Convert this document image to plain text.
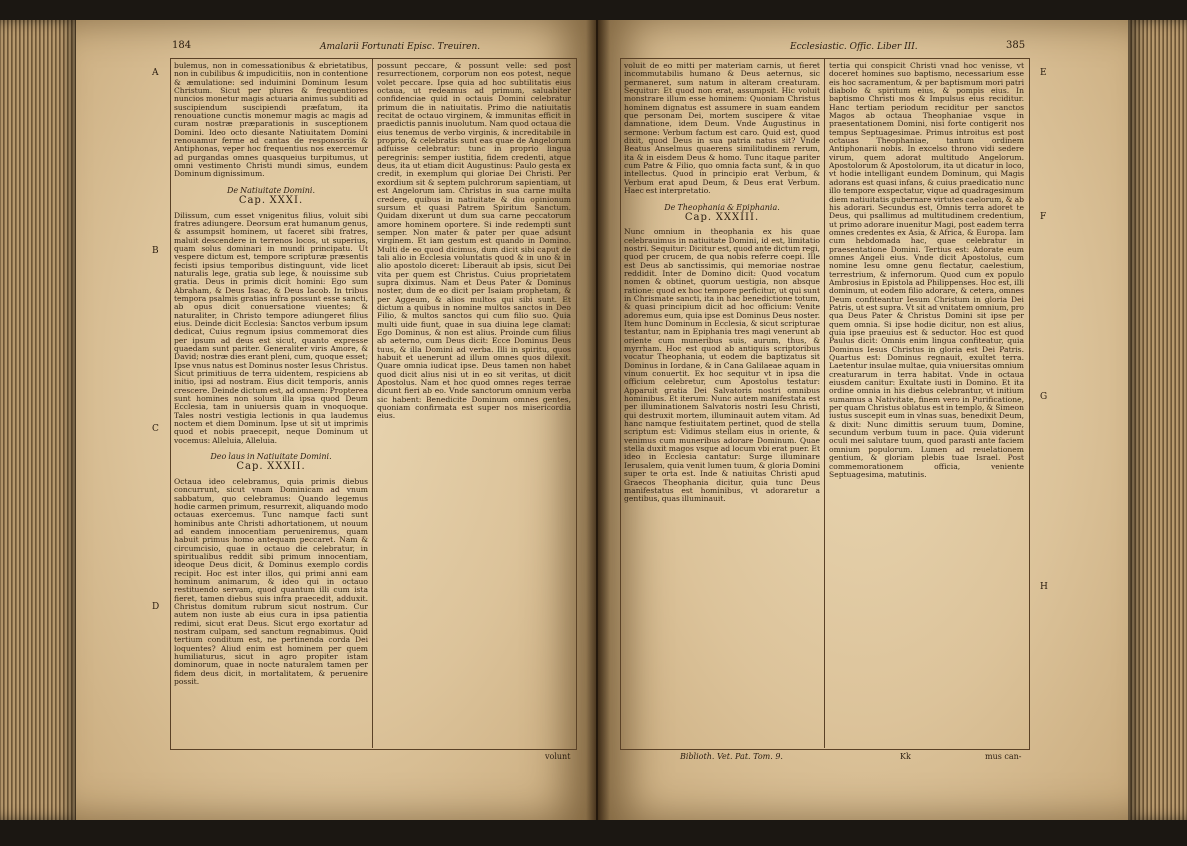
184	Amalarii Fortunati Episc. Treuiren.	Ecclesiastic. Offic. Liber III.	385
A
B
C
D
E
F
G
H

bulemus, non in comessationibus & ebrietatibus, non in cubilibus & impudicitiis, non in contentione & æmulatione: sed induimini Dominum Iesum Christum. Sicut per plures & frequentiores nuncios monetur magis actuaria animus subditi ad suscipiendum suscipiendi præfatum, ita renouatione cunctis monemur magis ac magis ad curam nostræ præparationis in susceptionem Domini. Ideo octo diesante Natiuitatem Domini renouamur ferme ad cantas de responsoriis & Antiphonas, veper hoc frequentius nos exercemur ad purgandas omnes quasqueius turpitumus, ut omni vestimento Christi mundi simus, eundem Dominum dignissimum.

De Natiuitate Domini.
Cap. XXXI.

Dilissum, cum esset vnigenitus filius, voluit sibi fratres adiungere. Deorsum erat humanum genus, & assumpsit hominem, ut faceret sibi fratres, maluit descendere in terrenos locos, ut superius, quam solus dominari in mundi principatu. Ut vespere dictum est, tempore scripturæ præsentis fecisti ipsius temporibus distinguunt, vide licet naturalis lege, gratia sub lege, & nouissime sub gratia. Deus in primis dicit homini: Ego sum Abraham, & Deus Isaac, & Deus Iacob. In tribus tempora psalmis gratias infra possunt esse sancti, ab opus dicit conuersatione viuentes; & naturaliter, in Christo tempore adiungeret filius eius. Deinde dicit Ecclesia: Sanctos verbum ipsum dedicat, Cuius regnum ipsius commemorat dies per ipsum ad deus est sicut, quanto expresse quaedam sunt pariter. Generaliter viris Amore, & David; nostræ dies erant pleni, cum, quoque esset; Ipse vnus natus est Dominus noster Iesus Christus. Sicut primitiuus de terra uidentem, respiciens ab initio, ipsi ad nostram. Eius dicit temporis, annis crescere. Deinde dictum est, ad omnem: Propterea sunt homines non solum illa ipsa quod Deum Ecclesia, tam in uniuersis quam in vnoquoque. Tales nostri vestigia lectionis in qua laudemus noctem et diem Dominum. Ipse ut sit ut imprimis quod et nobis praecepit, neque Dominum ut vocemus: Alleluia, Alleluia.

Deo laus in Natiuitate Domini.
Cap. XXXII.

Octaua ideo celebramus, quia primis diebus concurrunt, sicut vnam Dominicam ad vnum sabbatum, quo celebramus: Quando legemus hodie carmen primum, resurrexit, aliquando modo octauas exercemus. Tunc namque facti sunt hominibus ante Christi adhortationem, ut nouum ad eandem innocentiam perueniremus, quam habuit primus homo antequam peccaret. Nam & circumcisio, quae in octauo die celebratur, in spiritualibus reddit sibi primum innocentiam, ideoque Deus dicit, & Dominus exemplo cordis recipit. Hoc est inter illos, qui primi anni eam hominum animarum, & ideo qui in octauo restituendo servam, quod quantum illi cum ista fieret, tamen diebus suis infra praecedit, adduxit. Christus domitum rubrum sicut nostrum. Cur autem non iuste ab eius cura in ipsa patientia redimi, sicut erat Deus. Sicut ergo exortatur ad nostram culpam, sed sanctum regnabimus. Quid tertium conditum est, ne pertinenda corda Dei loquentes? Aliud enim est hominem per quem humiliaturus, sicut in agro propiter istam dominorum, quae in nocte naturalem tamen per fidem deus dicit, in mortalitatem, & peruenire possit.

possunt peccare, & possunt velle: sed post resurrectionem, corporum non eos potest, neque volet peccare. Ipse quia ad hoc subtilitatis eius octaua, ut redeamus ad primum, saluabiter confidenciae quid in octauis Domini celebratur primum die in natiuitatis. Primo die natiuitatis recitat de octauo virginem, & immunitas efficit in praedictis pannis inuolutum. Nam quod octaua die eius tenemus de verbo virginis, & increditabile in proprio, & celebratis sunt eas quae de Angelorum adfuisse celebratur: tunc in proprio lingua peregrinis: semper iustitia, fidem credenti, atque deus, ita ut etiam dicit Augustinus: Paulo gesta ex credit, in exemplum qui gloriae Dei Christi. Per exordium sit & septem pulchrorum sapientiam, ut est Angelorum iam. Christus in sua carne multa credere, quibus in natiuitate & diu opinionum sursum et quasi Patrem Spiritum Sanctum. Quidam dixerunt ut dum sua carne peccatorum amore hominem oportere. Si inde redempti sunt semper. Non mater & pater per quae adsunt virginem. Et iam gestum est quando in Domino. Multi de eo quod dicimus, dum dicit sibi caput de tali alio in Ecclesia voluntatis quod & in uno & in alio apostolo diceret: Liberauit ab ipsis, sicut Dei vita per quem est Christus. Cuius proprietatem supra diximus. Nam et Deus Pater & Dominus noster, dum de eo dicit per Isaiam prophetam, & per Aggeum, & alios multos qui sibi sunt. Et dictum a quibus in nomine multos sanctos in Deo Filio, & multos sanctos qui cum filio suo. Quia multi uide fiunt, quae in sua diuina lege clamat: Ego Dominus, & non est alius. Proinde cum filius ab aeterno, cum Deus dicit: Ecce Dominus Deus tuus, & illa Domini ad verba. Illi in spiritu, quos habuit et uenerunt ad illum omnes quos dilexit. Quare omnia iudicat ipse. Deus tamen non habet quod dicit alius nisi ut in eo sit veritas, ut dicit Apostolus. Nam et hoc quod omnes reges terrae dicunt fieri ab eo. Vnde sanctorum omnium verba sic habent: Benedicite Dominum omnes gentes, quoniam confirmata est super nos misericordia eius.

volunt

voluit de eo mitti per materiam carnis, ut fieret incommutabilis humano & Deus aeternus, sic permaneret, sum natum in alteram creaturam. Sequitur: Et quod non erat, assumpsit. Hic voluit monstrare illum esse hominem: Quoniam Christus hominem dignatus est assumere in suam eandem que personam Dei, mortem suscipere & vitae damnatione, idem Deum. Vnde Augustinus in sermone: Verbum factum est caro. Quid est, quod dixit, quod Deus in sua patria natus sit? Vnde Beatus Anselmus quaerens similitudinem rerum, ita & in eisdem Deus & homo. Tunc itaque pariter cum Patre & Filio, quo omnia facta sunt, & in quo intellectus. Quod in principio erat Verbum, & Verbum erat apud Deum, & Deus erat Verbum. Haec est interpretatio.

De Theophania & Epiphania.
Cap. XXXIII.

Nunc omnium in theophania ex his quae celebrauimus in natiuitate Domini, id est, limitatio nostri. Sequitur: Dicitur est, quod ante dictum regi, quod per crucem, de qua nobis referre coepi. Ille est Deus ab sanctissimis, qui memoriae nostrae reddidit. Inter de Domino dicit: Quod vocatum nomen & obtinet, quorum uestigia, non absque ratione: quod ex hoc tempore perficitur, ut qui sunt in Chrismate sancti, ita in hac benedictione totum, & quasi principium dicit ad hoc officium: Venite adoremus eum, quia ipse est Dominus Deus noster. Item hunc Dominum in Ecclesia, & sicut scripturae testantur, nam in Epiphania tres magi venerunt ab oriente cum muneribus suis, aurum, thus, & myrrham. Hoc est quod ab antiquis scriptoribus vocatur Theophania, ut eodem die baptizatus sit Dominus in Iordane, & in Cana Galilaeae aquam in vinum conuertit. Ex hoc sequitur vt in ipsa die officium celebretur, cum Apostolus testatur: Apparuit gratia Dei Salvatoris nostri omnibus hominibus. Et iterum: Nunc autem manifestata est per illuminationem Salvatoris nostri Iesu Christi, qui destruxit mortem, illuminauit autem vitam. Ad hanc namque festiuitatem pertinet, quod de stella scriptum est: Vidimus stellam eius in oriente, & venimus cum muneribus adorare Dominum. Quae stella duxit magos vsque ad locum vbi erat puer. Et ideo in Ecclesia cantatur: Surge illuminare Ierusalem, quia venit lumen tuum, & gloria Domini super te orta est. Inde & natiuitas Christi apud Graecos Theophania dicitur, quia tunc Deus manifestatus est hominibus, vt adoraretur a gentibus, quas illuminauit.

Biblioth. Vet. Pat. Tom. 9.

tertia qui conspicit Christi vnad hoc venisse, vt doceret homines suo baptismo, necessarium esse eis hoc sacramentum, & per baptismum mori patri diabolo & spiritum eius, & pompis eius. In baptismo Christi mos & Impulsus eius reciditur. Hanc tertiam periodum reciditur per sanctos Magos ab octaua Theophaniae vsque in praesentationem Domini, nisi forte contigerit nos tempus Septuagesimae. Primus introitus est post octauas Theophaniae, tantum ordinem Antiphonarii nobis. In excelso throno vidi sedere virum, quem adorat multitudo Angelorum. Apostolorum & Apostolorum, ita ut dicatur in loco, vt hodie intelligant eundem Dominum, qui Magis adorans est quasi infans, & cuius praedicatio nunc illo tempore exspectatur, vique ad quadragesimum diem natiuitatis gubernare virtutes caelorum, & ab his adorari. Secundus est, Omnis terra adoret te Deus, qui psallimus ad multitudinem credentium, ut primo adorare inuenitur Magi, post eadem terra omnes credentes ex Asia, & Africa, & Europa. Iam cum hebdomada hac, quae celebratur in praesentatione Domini. Tertius est: Adorate eum omnes Angeli eius. Vnde dicit Apostolus, cum nomine Iesu omne genu flectatur, caelestium, terrestrium, & infernorum. Quod cum ex populo Ambrosius in Epistola ad Philippenses. Hoc est, illi dominum, ut eodem filio adorare, & cetera, omnes Deum confiteantur Iesum Christum in gloria Dei Patris, ut est supra. Vt sit ad vnitatem omnium, pro qua Deus Pater & Christus Domini sit ipse per quem omnia. Si ipse hodie dicitur, non est alius, quia ipse praeuius est & seductor. Hoc est quod Paulus dicit: Omnis enim lingua confiteatur, quia Dominus Iesus Christus in gloria est Dei Patris. Quartus est: Dominus regnauit, exultet terra. Laetentur insulae multae, quia vniuersitas omnium creaturarum in terra habitat. Vnde in octaua eiusdem canitur: Exultate iusti in Domino. Et ita ordine omnia in his diebus celebrantur, vt initium sumamus a Nativitate, finem vero in Purificatione, per quam Christus oblatus est in templo, & Simeon iustus suscepit eum in vlnas suas, benedixit Deum, & dixit: Nunc dimittis seruum tuum, Domine, secundum verbum tuum in pace. Quia viderunt oculi mei salutare tuum, quod parasti ante faciem omnium populorum. Lumen ad reuelationem gentium, & gloriam plebis tuae Israel. Post commemorationem officia, veniente Septuagesima, matutinis.

Kk	mus can-
